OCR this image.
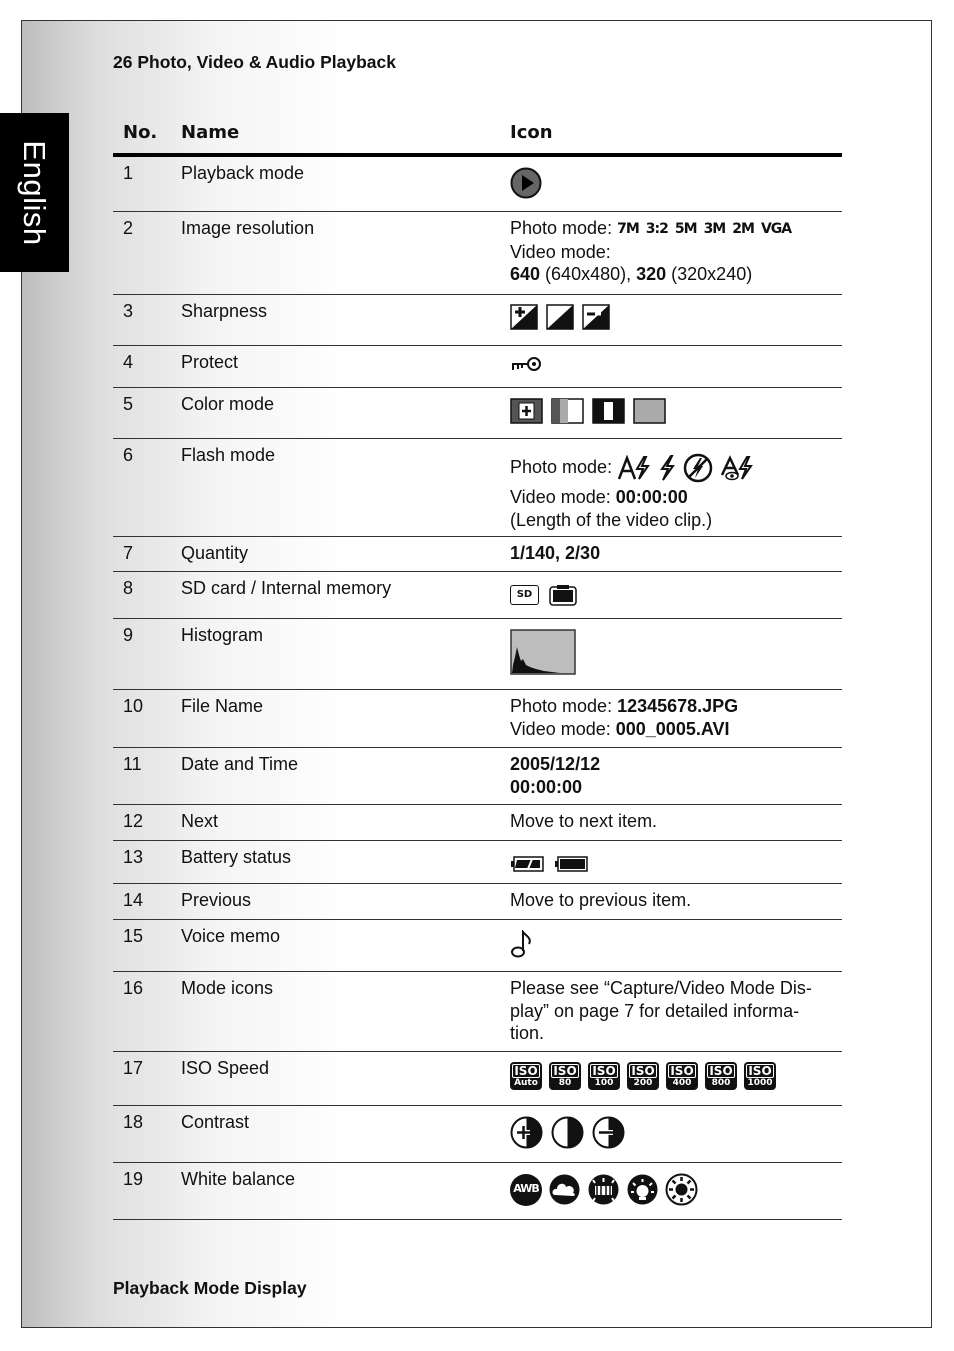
English
26 Photo, Video & Audio Playback
No. Name	Icon
1	Playback mode
2	Image resolution	Photo mode: 7M 3:2 5M 3M 2M VGA
Video mode:
640 (640x480), 320 (320x240)
3	Sharpness
4	Protect
5	Color mode
6	Flash mode
Photo mode:
Video mode: 00:00:00
(Length of the video clip.)
7	Quantity	1/140, 2/30
8	SD card / Internal memory	SD
9	Histogram
10 File Name	Photo mode: 12345678.JPG
Video mode: 000_0005.AVI
11 Date and Time	2005/12/12
00:00:00
12 Next	Move to next item.
13 Battery status
14 Previous	Move to previous item.
15 Voice memo
16 Mode icons	Please see “Capture/Video Mode Dis-
play” on page 7 for detailed informa-
tion.
17 ISO Speed	ISO
Auto
ISO
80
ISO
100
ISO
200
ISO
400
ISO
800
ISO
1000
18 Contrast
19 White balance	AWB
Playback Mode Display
